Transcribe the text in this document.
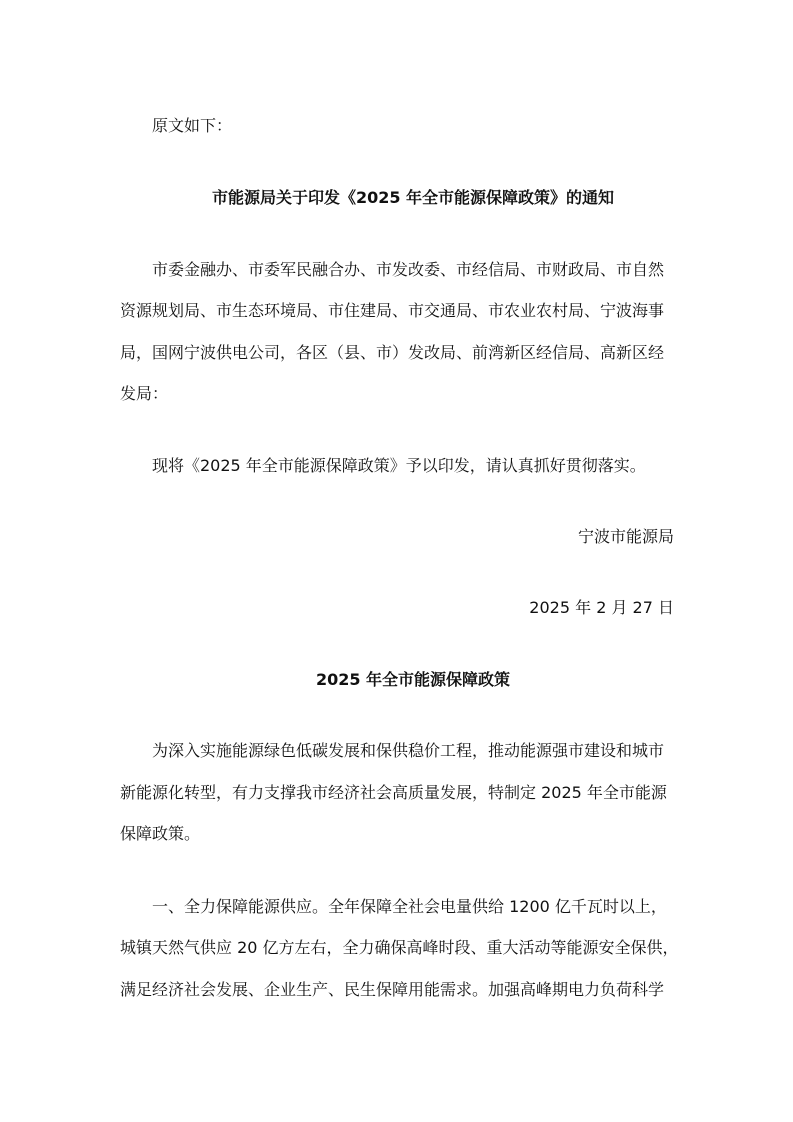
原文如下：
市能源局关于印发《2025 年全市能源保障政策》的通知
市委金融办、市委军民融合办、市发改委、市经信局、市财政局、市自然
资源规划局、市生态环境局、市住建局、市交通局、市农业农村局、宁波海事
局，国网宁波供电公司，各区（县、市）发改局、前湾新区经信局、高新区经
发局：
现将《2025 年全市能源保障政策》予以印发，请认真抓好贯彻落实。
宁波市能源局
2025 年 2 月 27 日
2025 年全市能源保障政策
为深入实施能源绿色低碳发展和保供稳价工程，推动能源强市建设和城市
新能源化转型，有力支撑我市经济社会高质量发展，特制定 2025 年全市能源
保障政策。
一、全力保障能源供应。全年保障全社会电量供给 1200 亿千瓦时以上，
城镇天然气供应 20 亿方左右，全力确保高峰时段、重大活动等能源安全保供，
满足经济社会发展、企业生产、民生保障用能需求。加强高峰期电力负荷科学
